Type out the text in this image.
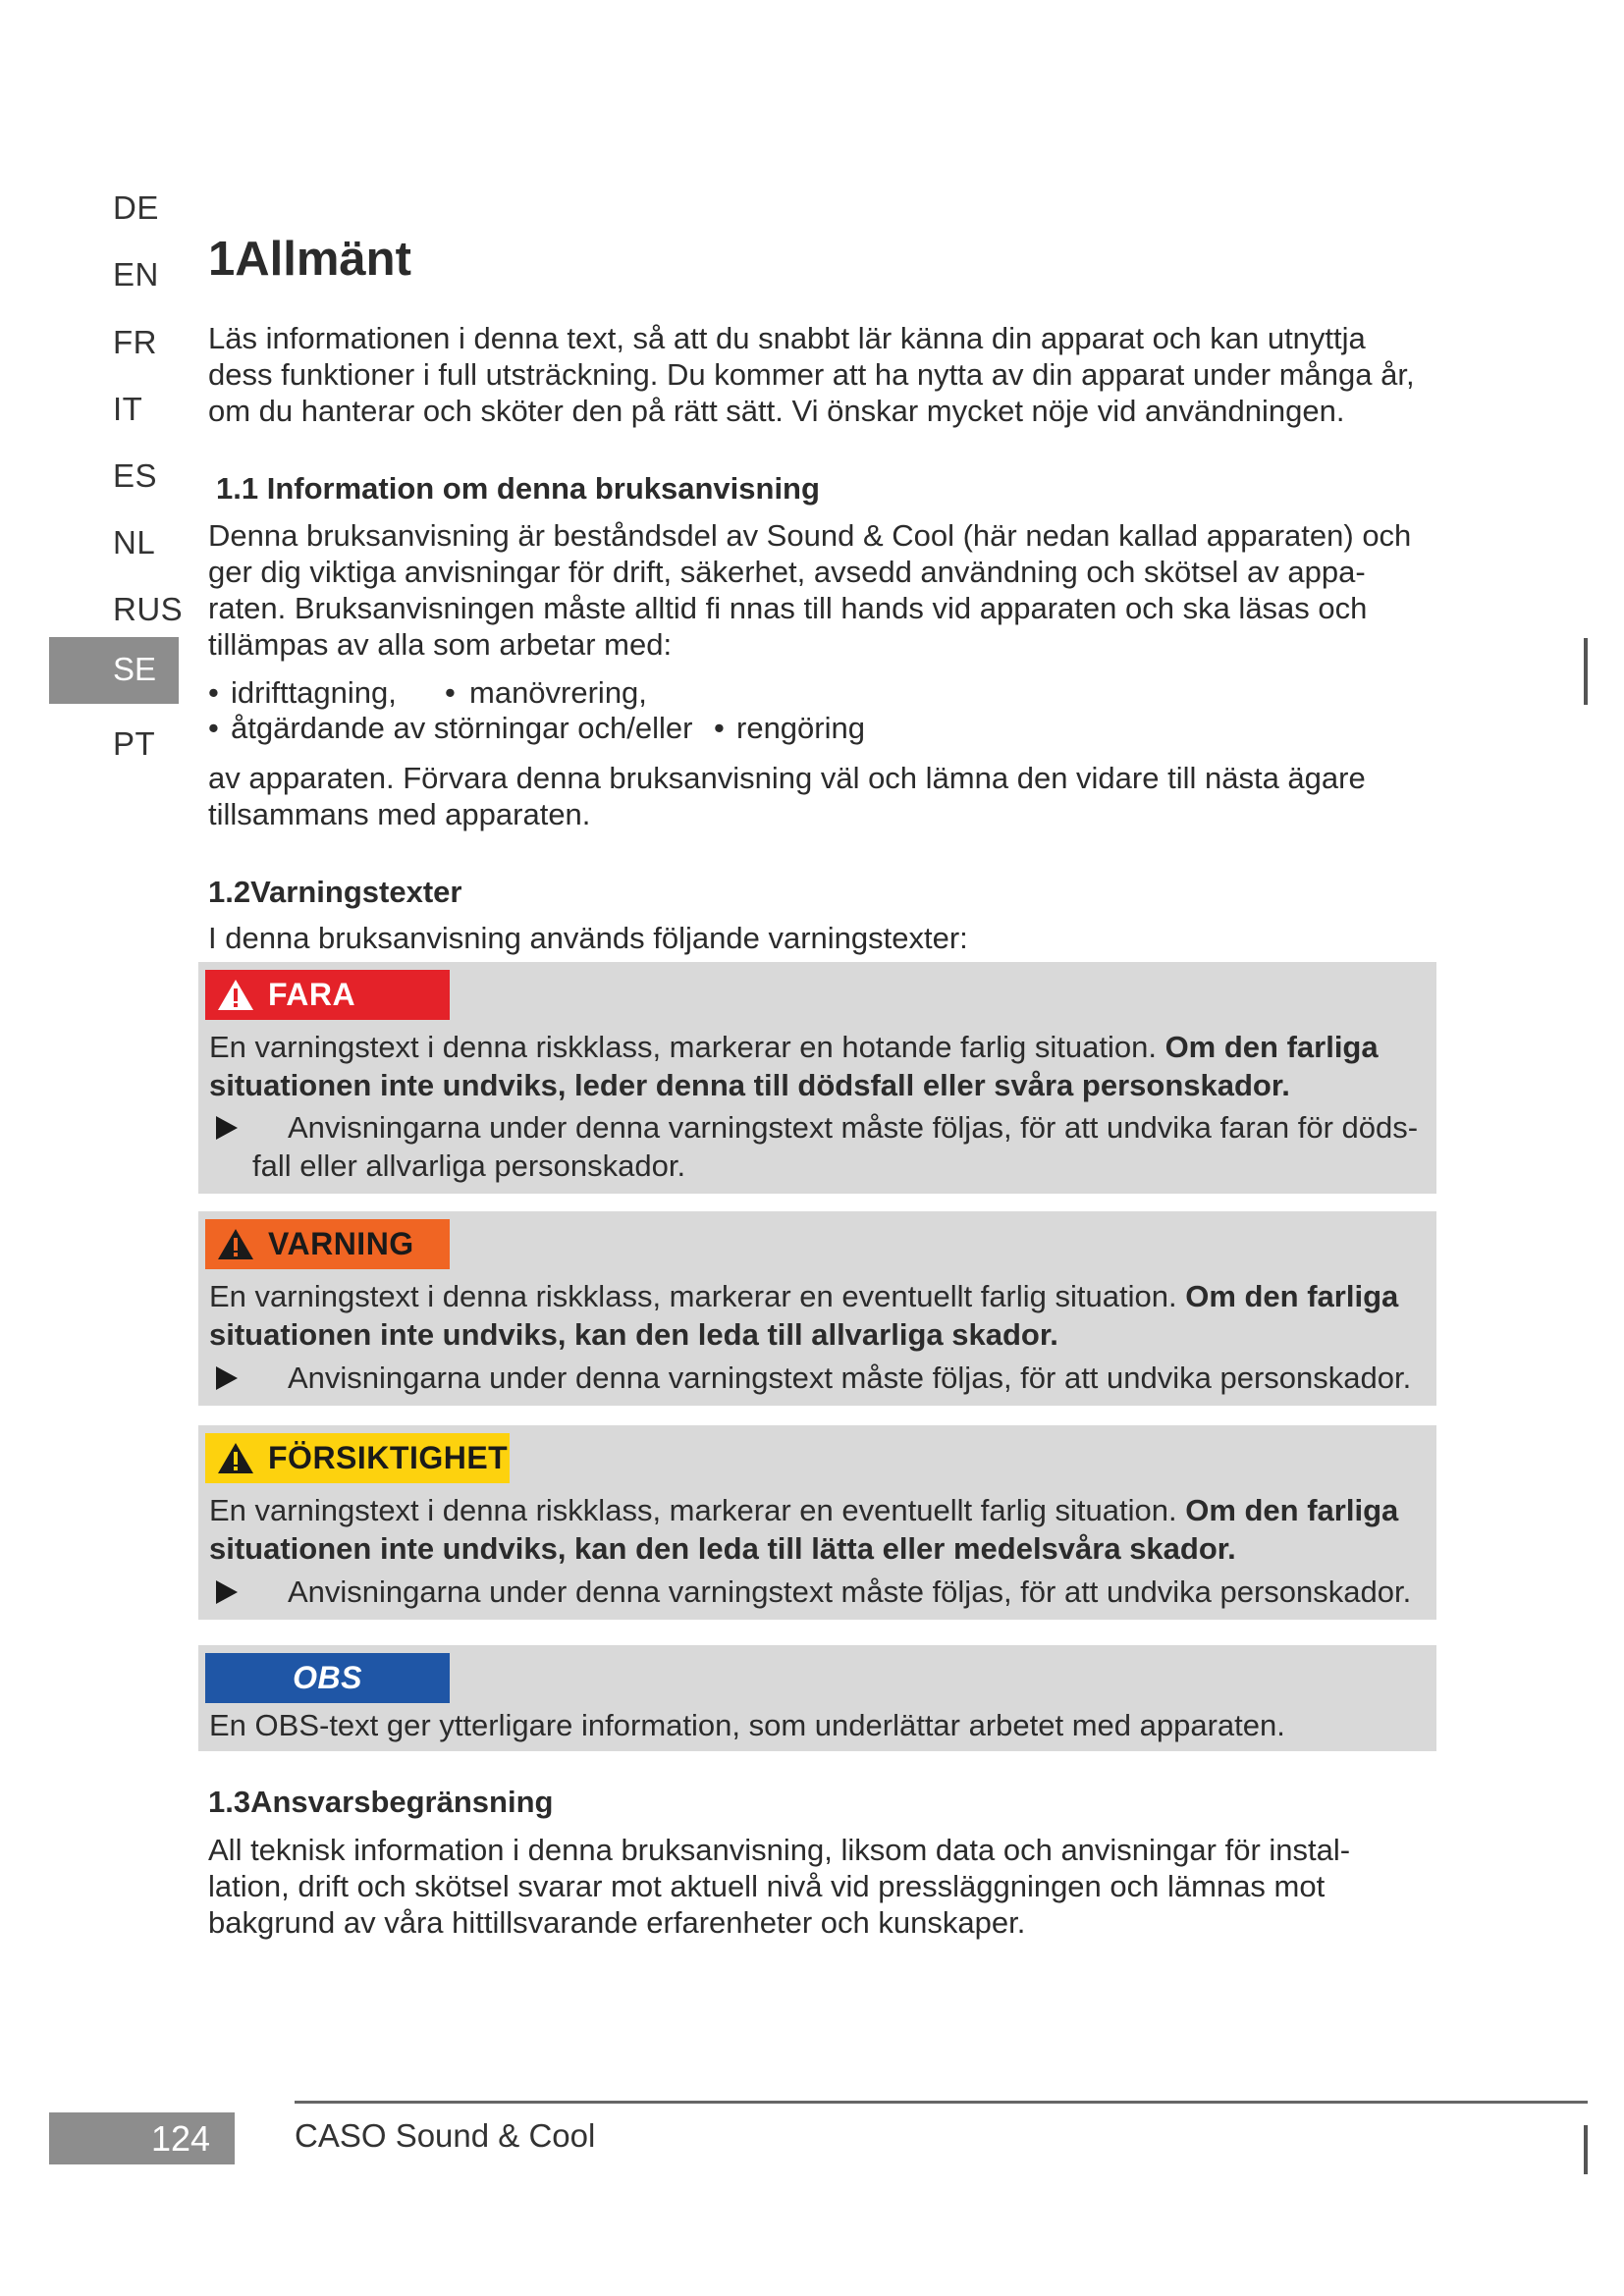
DE
EN
FR
IT
ES
NL
RUS
SE
PT
1Allmänt
Läs informationen i denna text, så att du snabbt lär känna din apparat och kan utnyttja
dess funktioner i full utsträckning. Du kommer att ha nytta av din apparat under många år,
om du hanterar och sköter den på rätt sätt. Vi önskar mycket nöje vid användningen.
1.1 Information om denna bruksanvisning
Denna bruksanvisning är beståndsdel av Sound & Cool (här nedan kallad apparaten) och
ger dig viktiga anvisningar för drift, säkerhet, avsedd användning och skötsel av appa-
raten. Bruksanvisningen måste alltid fi nnas till hands vid apparaten och ska läsas och
tillämpas av alla som arbetar med:
• idrifttagning, • manövrering,
• åtgärdande av störningar och/eller • rengöring
av apparaten. Förvara denna bruksanvisning väl och lämna den vidare till nästa ägare
tillsammans med apparaten.
1.2Varningstexter
I denna bruksanvisning används följande varningstexter:
FARA
En varningstext i denna riskklass, markerar en hotande farlig situation. Om den farliga
situationen inte undviks, leder denna till dödsfall eller svåra personskador.
Anvisningarna under denna varningstext måste följas, för att undvika faran för döds-
fall eller allvarliga personskador.
VARNING
En varningstext i denna riskklass, markerar en eventuellt farlig situation. Om den farliga
situationen inte undviks, kan den leda till allvarliga skador.
Anvisningarna under denna varningstext måste följas, för att undvika personskador.
FÖRSIKTIGHET
En varningstext i denna riskklass, markerar en eventuellt farlig situation. Om den farliga
situationen inte undviks, kan den leda till lätta eller medelsvåra skador.
Anvisningarna under denna varningstext måste följas, för att undvika personskador.
OBS
En OBS-text ger ytterligare information, som underlättar arbetet med apparaten.
1.3Ansvarsbegränsning
All teknisk information i denna bruksanvisning, liksom data och anvisningar för instal-
lation, drift och skötsel svarar mot aktuell nivå vid pressläggningen och lämnas mot
bakgrund av våra hittillsvarande erfarenheter och kunskaper.
124	CASO Sound & Cool
